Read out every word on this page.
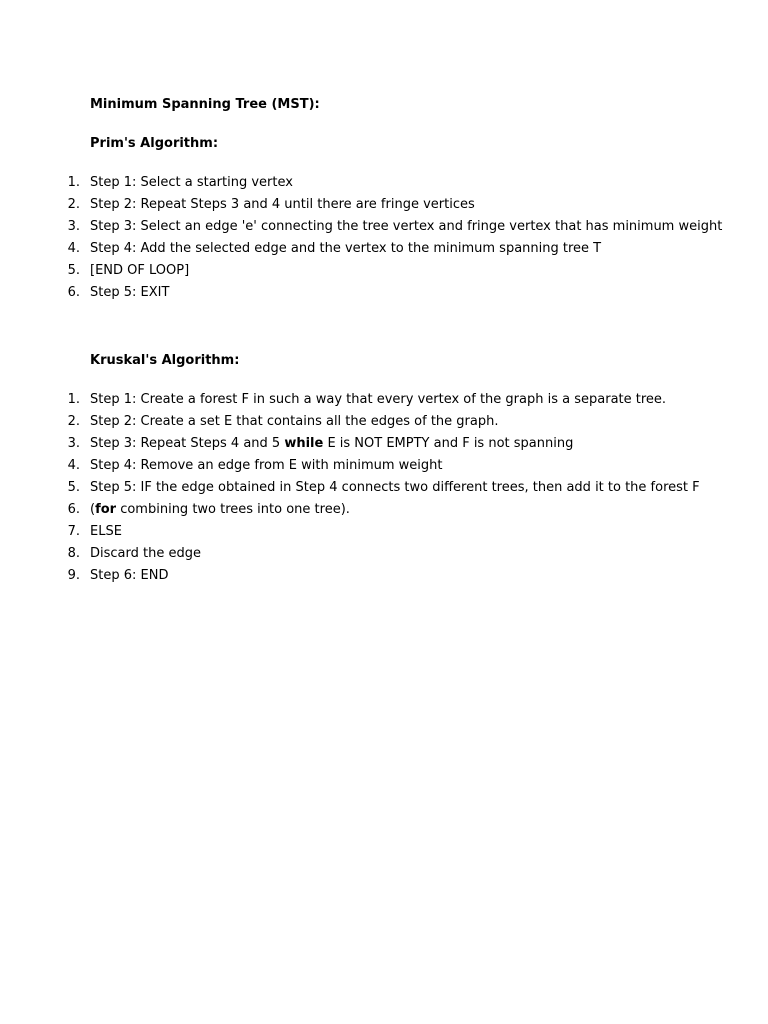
Minimum Spanning Tree (MST):
Prim's Algorithm:
1. Step 1: Select a starting vertex
2. Step 2: Repeat Steps 3 and 4 until there are fringe vertices
3. Step 3: Select an edge 'e' connecting the tree vertex and fringe vertex that has minimum weight
4. Step 4: Add the selected edge and the vertex to the minimum spanning tree T
5. [END OF LOOP]
6. Step 5: EXIT
Kruskal's Algorithm:
1. Step 1: Create a forest F in such a way that every vertex of the graph is a separate tree.
2. Step 2: Create a set E that contains all the edges of the graph.
3. Step 3: Repeat Steps 4 and 5 while E is NOT EMPTY and F is not spanning
4. Step 4: Remove an edge from E with minimum weight
5. Step 5: IF the edge obtained in Step 4 connects two different trees, then add it to the forest F
6. (for combining two trees into one tree).
7. ELSE
8. Discard the edge
9. Step 6: END
